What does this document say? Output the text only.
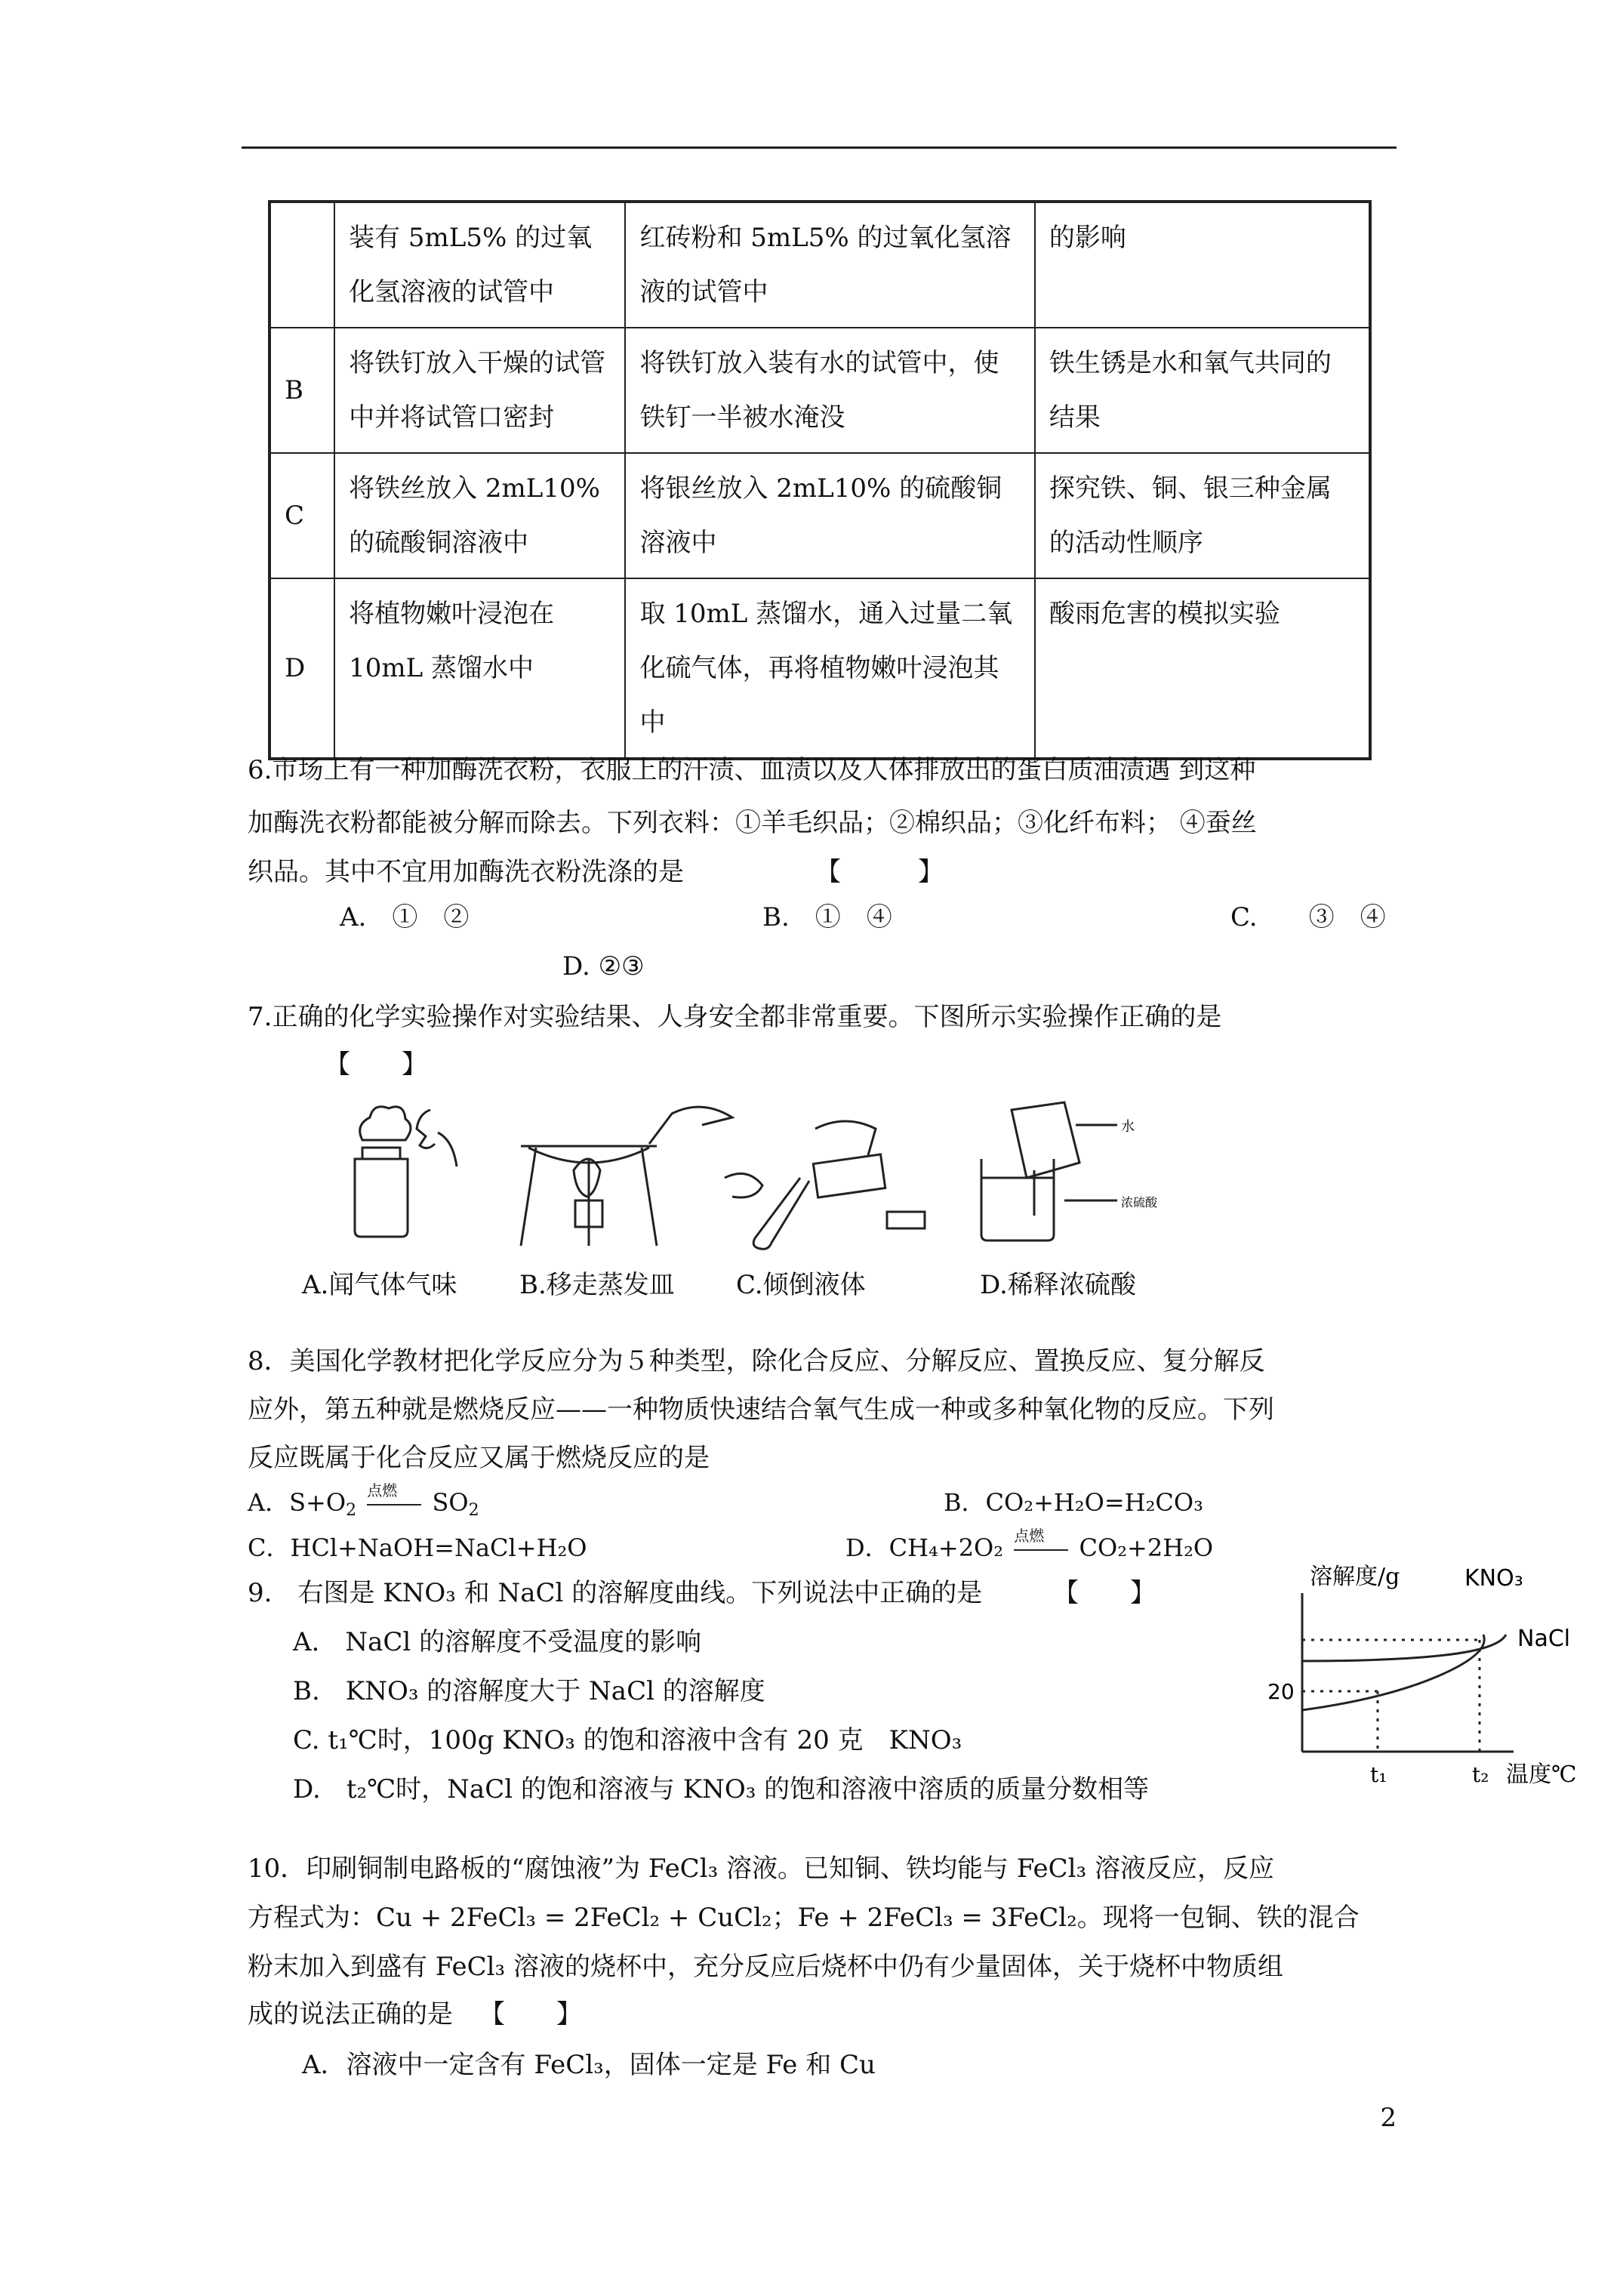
	装有 5mL5% 的过氧化氢溶液的试管中	红砖粉和 5mL5% 的过氧化氢溶液的试管中	的影响
B	将铁钉放入干燥的试管中并将试管口密封	将铁钉放入装有水的试管中，使铁钉一半被水淹没	铁生锈是水和氧气共同的结果
C	将铁丝放入 2mL10% 的硫酸铜溶液中	将银丝放入 2mL10% 的硫酸铜溶液中	探究铁、铜、银三种金属的活动性顺序
D	将植物嫩叶浸泡在 10mL 蒸馏水中	取 10mL 蒸馏水，通入过量二氧化硫气体，再将植物嫩叶浸泡其中	酸雨危害的模拟实验
6.市场上有一种加酶洗衣粉，衣服上的汗渍、血渍以及人体排放出的蛋白质油渍遇 到这种
加酶洗衣粉都能被分解而除去。下列衣料：①羊毛织品；②棉织品；③化纤布料； ④蚕丝
织品。其中不宜用加酶洗衣粉洗涤的是	【　　　】
A.　①　②	B.　①　④	C.　　③　④
D. ②③
7.正确的化学实验操作对实验结果、人身安全都非常重要。下图所示实验操作正确的是
【　　】
水
浓硫酸
A.闻气体气味 B.移走蒸发皿 C.倾倒液体	D.稀释浓硫酸
8．美国化学教材把化学反应分为５种类型，除化合反应、分解反应、置换反应、复分解反
应外，第五种就是燃烧反应——一种物质快速结合氧气生成一种或多种氧化物的反应。下列
反应既属于化合反应又属于燃烧反应的是
A．$S+O_2$
点燃 $SO_2$	B．CO₂+H₂O=H₂CO₃
C．HCl+NaOH=NaCl+H₂O	D．CH₄+2O₂ 点燃 CO₂+2H₂O
9.　右图是 KNO₃ 和 NaCl 的溶解度曲线。下列说法中正确的是	【　　】
A.　NaCl 的溶解度不受温度的影响
B.　KNO₃ 的溶解度大于 NaCl 的溶解度
C. t₁℃时，100g KNO₃ 的饱和溶液中含有 20 克　KNO₃
D.　t₂℃时，NaCl 的饱和溶液与 KNO₃ 的饱和溶液中溶质的质量分数相等
溶解度/g	KNO₃
NaCl
20
t₁	t₂ 温度℃
10．印刷铜制电路板的“腐蚀液”为 FeCl₃ 溶液。已知铜、铁均能与 FeCl₃ 溶液反应，反应
方程式为：Cu + 2FeCl₃ = 2FeCl₂ + CuCl₂；Fe + 2FeCl₃ = 3FeCl₂。现将一包铜、铁的混合
粉末加入到盛有 FeCl₃ 溶液的烧杯中，充分反应后烧杯中仍有少量固体，关于烧杯中物质组
成的说法正确的是 【　　】
A．溶液中一定含有 FeCl₃，固体一定是 Fe 和 Cu
2
